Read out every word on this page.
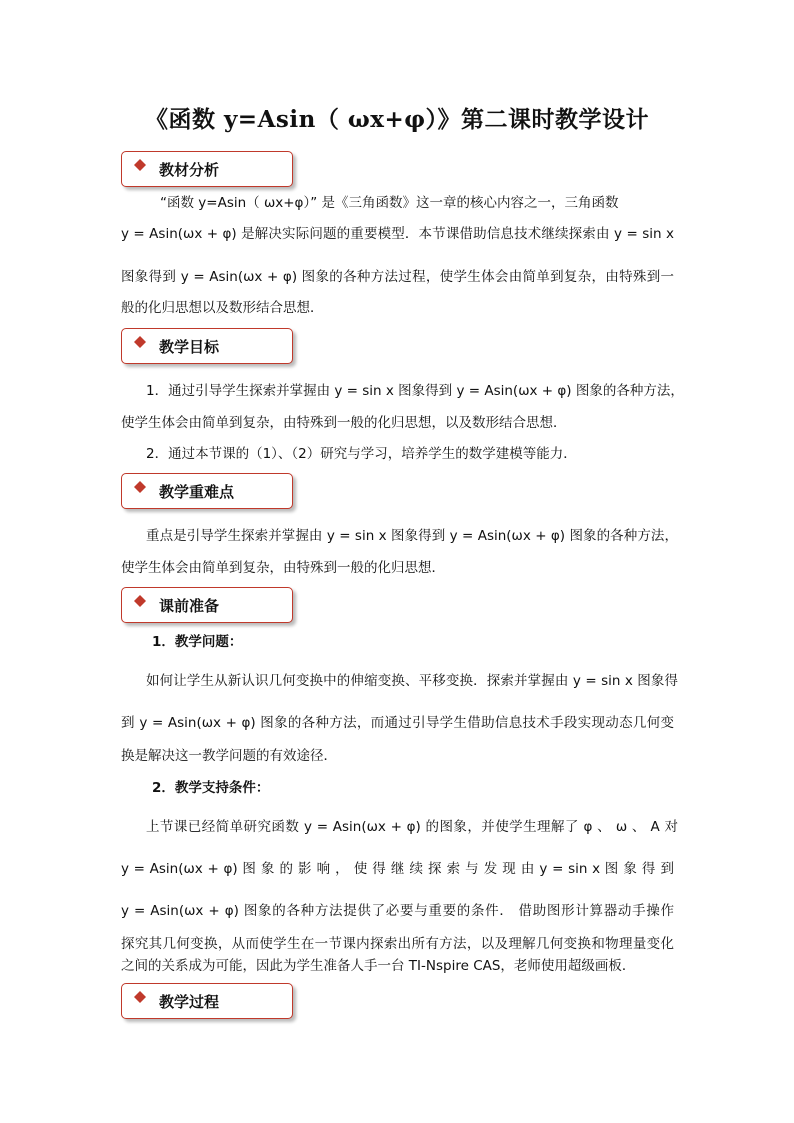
《函数 y=Asin（ ωx+φ）》第二课时教学设计
教材分析
“函数 y=Asin（ ωx+φ）” 是《三角函数》这一章的核心内容之一，三角函数
y = Asin(ωx + φ) 是解决实际问题的重要模型．本节课借助信息技术继续探索由 y = sin x
图象得到 y = Asin(ωx + φ) 图象的各种方法过程，使学生体会由简单到复杂，由特殊到一
般的化归思想以及数形结合思想．
教学目标
1．通过引导学生探索并掌握由 y = sin x 图象得到 y = Asin(ωx + φ) 图象的各种方法，
使学生体会由简单到复杂，由特殊到一般的化归思想，以及数形结合思想．
2．通过本节课的（1）、（2）研究与学习，培养学生的数学建模等能力．
教学重难点
重点是引导学生探索并掌握由 y = sin x 图象得到 y = Asin(ωx + φ) 图象的各种方法，
使学生体会由简单到复杂，由特殊到一般的化归思想．
课前准备
1．教学问题：
如何让学生从新认识几何变换中的伸缩变换、平移变换．探索并掌握由 y = sin x 图象得
到 y = Asin(ωx + φ) 图象的各种方法，而通过引导学生借助信息技术手段实现动态几何变
换是解决这一教学问题的有效途径．
2．教学支持条件：
上节课已经简单研究函数 y = Asin(ωx + φ) 的图象，并使学生理解了 φ 、 ω 、 A 对
y = Asin(ωx + φ) 图 象 的 影 响 ， 使 得 继 续 探 索 与 发 现 由 y = sin x 图 象 得 到
y = Asin(ωx + φ) 图象的各种方法提供了必要与重要的条件． 借助图形计算器动手操作
探究其几何变换，从而使学生在一节课内探索出所有方法，以及理解几何变换和物理量变化
之间的关系成为可能，因此为学生准备人手一台 TI-Nspire CAS，老师使用超级画板．
教学过程
